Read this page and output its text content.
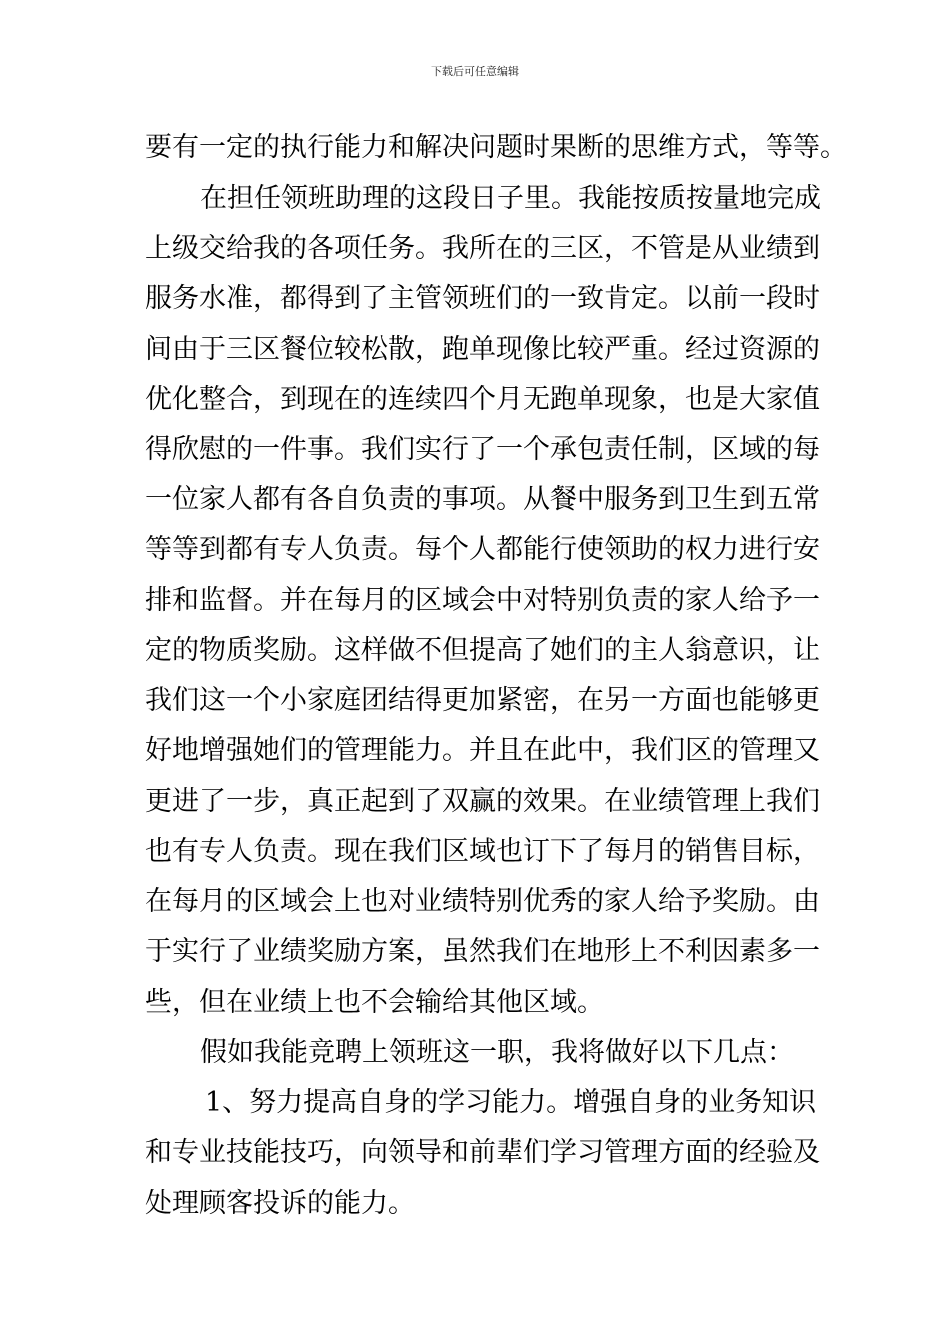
下载后可任意编辑

要有一定的执行能力和解决问题时果断的思维方式，等等。

在担任领班助理的这段日子里。我能按质按量地完成

上级交给我的各项任务。我所在的三区，不管是从业绩到

服务水准，都得到了主管领班们的一致肯定。以前一段时

间由于三区餐位较松散，跑单现像比较严重。经过资源的

优化整合，到现在的连续四个月无跑单现象，也是大家值

得欣慰的一件事。我们实行了一个承包责任制，区域的每

一位家人都有各自负责的事项。从餐中服务到卫生到五常

等等到都有专人负责。每个人都能行使领助的权力进行安

排和监督。并在每月的区域会中对特别负责的家人给予一

定的物质奖励。这样做不但提高了她们的主人翁意识，让

我们这一个小家庭团结得更加紧密，在另一方面也能够更

好地增强她们的管理能力。并且在此中，我们区的管理又

更进了一步，真正起到了双赢的效果。在业绩管理上我们

也有专人负责。现在我们区域也订下了每月的销售目标，

在每月的区域会上也对业绩特别优秀的家人给予奖励。由

于实行了业绩奖励方案，虽然我们在地形上不利因素多一

些，但在业绩上也不会输给其他区域。

假如我能竞聘上领班这一职，我将做好以下几点：

1、努力提高自身的学习能力。增强自身的业务知识

和专业技能技巧，向领导和前辈们学习管理方面的经验及

处理顾客投诉的能力。
